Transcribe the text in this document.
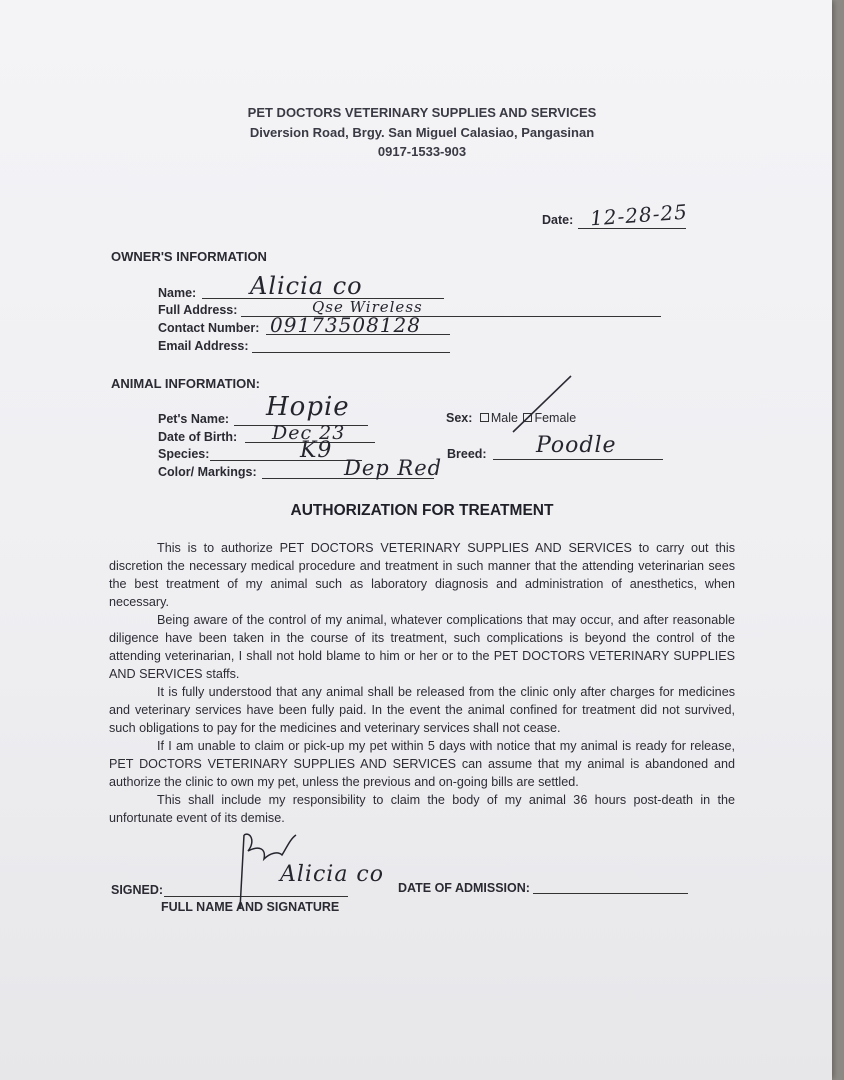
PET DOCTORS VETERINARY SUPPLIES AND SERVICES
Diversion Road, Brgy. San Miguel Calasiao, Pangasinan
0917-1533-903
Date: 12-28-25
OWNER'S INFORMATION
Name: Alicia co
Full Address:	Qse Wireless
Contact Number: 09173508128
Email Address:
ANIMAL INFORMATION:
Pet's Name: Hopie
Date of Birth: Dec 23
Species:	K9
Color/ Markings:	Dep Red
Sex: Male Female
Breed: Poodle
AUTHORIZATION FOR TREATMENT

This is to authorize PET DOCTORS VETERINARY SUPPLIES AND SERVICES to carry out this discretion the necessary medical procedure and treatment in such manner that the attending veterinarian sees the best treatment of my animal such as laboratory diagnosis and administration of anesthetics, when necessary.

Being aware of the control of my animal, whatever complications that may occur, and after reasonable diligence have been taken in the course of its treatment, such complications is beyond the control of the attending veterinarian, I shall not hold blame to him or her or to the PET DOCTORS VETERINARY SUPPLIES AND SERVICES staffs.

It is fully understood that any animal shall be released from the clinic only after charges for medicines and veterinary services have been fully paid. In the event the animal confined for treatment did not survived, such obligations to pay for the medicines and veterinary services shall not cease.

If I am unable to claim or pick-up my pet within 5 days with notice that my animal is ready for release, PET DOCTORS VETERINARY SUPPLIES AND SERVICES can assume that my animal is abandoned and authorize the clinic to own my pet, unless the previous and on-going bills are settled.

This shall include my responsibility to claim the body of my animal 36 hours post-death in the unfortunate event of its demise.

SIGNED:
FULL NAME AND SIGNATURE
Alicia co
DATE OF ADMISSION:
